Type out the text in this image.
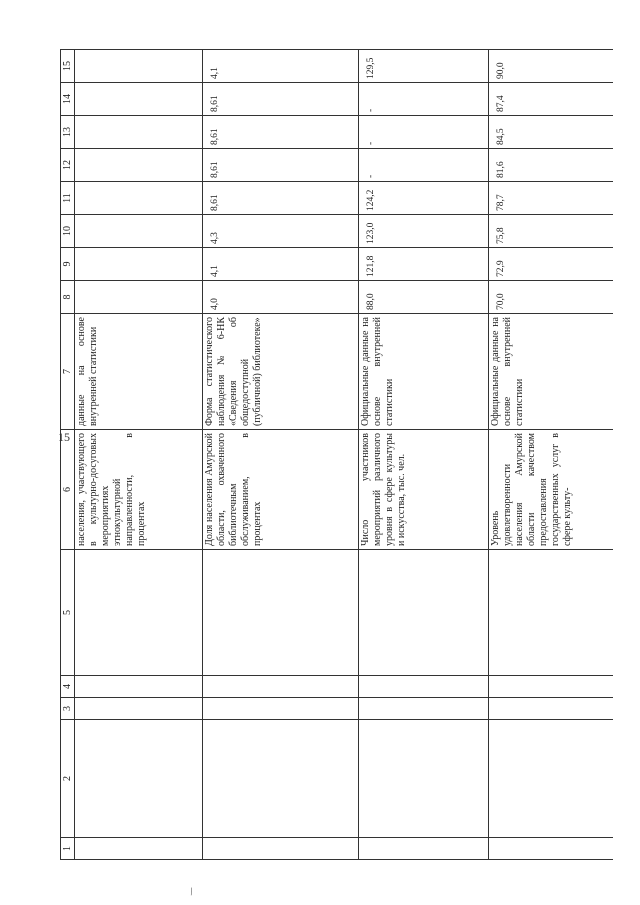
15
/
1	2	3	4	5	6	7	8	9	10	11	12	13	14	15
					населения, участвующего в культурно-досуговых мероприятиях этнокультурной направленности, в процентах	данные на основе внутренней статистики								
					Доля населения Амурской области, охваченного библиотечным обслуживанием, в процентах	Форма статистического наблюдения № 6-НК «Сведения об общедоступной (публичной) библиотеке»	4,0	4,1	4,3	8,61	8,61	8,61	8,61	4,1
					Число участников мероприятий различного уровня в сфере культуры и искусства, тыс. чел.	Официальные данные на основе внутренней статистики	88,0	121,8	123,0	124,2	-	-	-	129,5
					Уровень удовлетворенности населения Амурской области качеством предоставления государственных услуг в сфере культу-	Официальные данные на основе внутренней статистики	70,0	72,9	75,8	78,7	81,6	84,5	87,4	90,0
